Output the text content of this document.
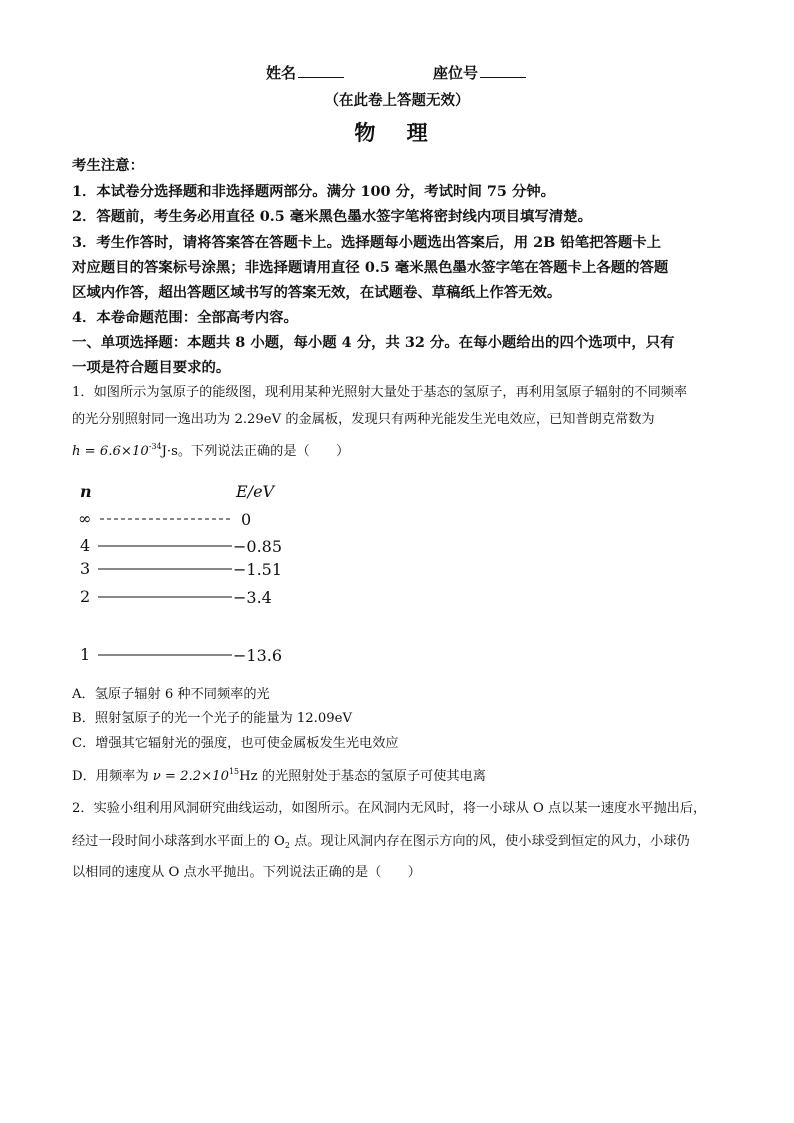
姓名	座位号
（在此卷上答题无效）
物 理
考生注意：
1．本试卷分选择题和非选择题两部分。满分 100 分，考试时间 75 分钟。
2．答题前，考生务必用直径 0.5 毫米黑色墨水签字笔将密封线内项目填写清楚。
3．考生作答时，请将答案答在答题卡上。选择题每小题选出答案后，用 2B 铅笔把答题卡上
对应题目的答案标号涂黑；非选择题请用直径 0.5 毫米黑色墨水签字笔在答题卡上各题的答题
区域内作答，超出答题区域书写的答案无效，在试题卷、草稿纸上作答无效。
4．本卷命题范围：全部高考内容。
一、单项选择题：本题共 8 小题，每小题 4 分，共 32 分。在每小题给出的四个选项中，只有
一项是符合题目要求的。
1．如图所示为氢原子的能级图，现利用某种光照射大量处于基态的氢原子，再利用氢原子辐射的不同频率
的光分别照射同一逸出功为 2.29eV 的金属板，发现只有两种光能发生光电效应，已知普朗克常数为
$h = 6.6\times 10^{-34}J\cdot s$。下列说法正确的是（　　）
n	E/eV
∞	0
4	−0.85
3	−1.51
2	−3.4
1	−13.6
A．氢原子辐射 6 种不同频率的光
B．照射氢原子的光一个光子的能量为 12.09eV
C．增强其它辐射光的强度，也可使金属板发生光电效应
D．用频率为 $\nu = 2.2\times 10^{15}Hz$ 的光照射处于基态的氢原子可使其电离
2．实验小组利用风洞研究曲线运动，如图所示。在风洞内无风时，将一小球从 O 点以某一速度水平抛出后，
经过一段时间小球落到水平面上的 $O_2$ 点。现让风洞内存在图示方向的风，使小球受到恒定的风力，小球仍
以相同的速度从 O 点水平抛出。下列说法正确的是（　　）
